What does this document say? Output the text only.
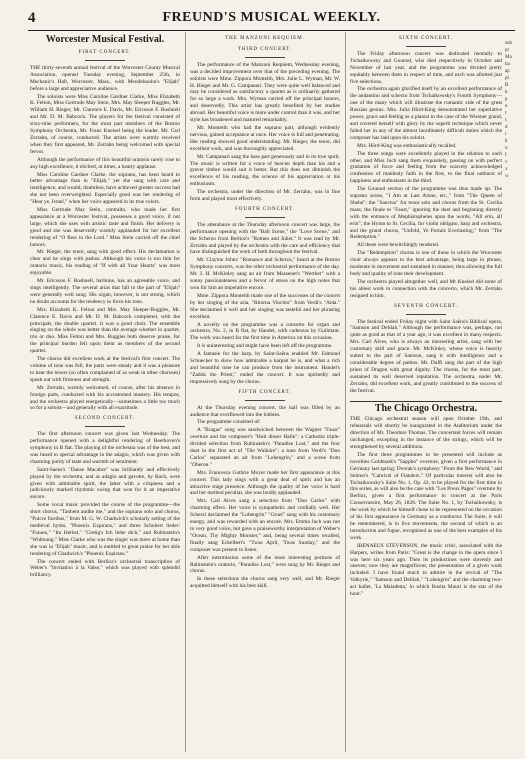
4	FREUND'S MUSICAL WEEKLY.
Worcester Musical Festival.
FIRST CONCERT.

THE thirty-seventh annual festival of the Worcester County Musical Association, opened Tuesday evening, September 25th, in Mechanic's Hall, Worcester, Mass., with Mendelssohn's "Elijah" before a large and appreciative audience.

The soloists were Miss Caroline Gardner Clarke, Miss Elizabeth K. Felton, Miss Gertrude May Stein, Mrs. May Sleeper Ruggles, Mr. William H. Rieger, Mr. Clarence E. Davis, Mr. Ericsson F. Bushnell and Mr. D. M. Babcock. The players for the festival consisted of sixty-nine performers, for the most part members of the Boston Symphony Orchestra, Mr. Franz Kneisel being the leader. Mr. Carl Zerrahn, of course, conducted. The artists were warmly received when they first appeared, Mr. Zerrahn being welcomed with special fervor.

Although the performance of this beautiful oratorio rarely rose to any high excellence, it elicited, at times, a hearty applause.

Miss Caroline Gardner Clarke, the soprano, has been heard to better advantage than in "Elijah," yet she sang with care and intelligence, and would, doubtless, have achieved greater success had she not been overweighted. Especially good was her rendering of "Hear ye, Israel," when her voice appeared in its true colors.

Miss Gertrude May Stein, contralto, who made her first appearance at a Worcester festival, possesses a good voice, if not large, which she uses with artistic taste and finish. Her delivery is good and she was deservedly warmly applauded for her excellent rendering of "O Rest in the Lord." Miss Stein carried off the chief honors.

Mr. Rieger, the tenor, sang with good effect. His declamation is clear and he sings with pathos. Although his voice is too thin for oratorio music, his reading of "If with all Your Hearts" was most enjoyable.

Mr. Ericsson F. Bushnell, baritone, has an agreeable voice, and sings intelligently. The several arias that fall to the part of "Elijah" were generally well sung. His organ, however, is not strong, which no doubt accounts for the tendency to force his tone.

Mrs. Elizabeth K. Felton and Mrs. May Sleeper-Ruggles, Mr. Clarence E. Davis and Mr. D. M. Babcock completed, with the principals, the double quartet. It was a good choir. The ensemble singing on the whole was better than the average whether in quartet, trio or duo. Miss Felton and Mrs. Ruggles both deserve praise, for the principal burden fell upon them as members of the second quartet.

The chorus did excellent work at the festival's first concert. The volume of tone was full, the parts were steady and it was a pleasure to hear the tenors (so often complained of as weak in other choruses) speak out with firmness and strength.

Mr. Zerrahn, warmly welcomed, of course, after his absence in foreign parts, conducted with his accustomed mastery. His tempos, and the orchestra played energetically—sometimes a little too much so for a soloist—and generally with all exactitude.

SECOND CONCERT.

The first afternoon concert was given last Wednesday. The performance opened with a delightful rendering of Beethoven's symphony in B flat. The playing of the orchestra was of the best, and was heard to special advantage in the adagio, which was given with charming purity of taste and warmth of sentiment.

Saint-Saens's "Danse Macabre" was brilliantly and effectively played by the orchestra, and as adagio and gavotte, by Bach, were given with admirable spirit, the latter with a crispness and a judiciously marked rhythmic swing that won for it an imperative encore.

Some vocal music provided the course of the programme—the short chorus, "Tanhem audite me," and the soprano solo and chorus, "Pulcre fioribus," from M. G. W. Chadwick's scholarly setting of the medieval hymn, "Phoenix Expirans," and three Schubert lieder: "Frauen," "Im Herbst," "Gretig's Ich liebe dich," and Rubinstein's "Widmung." Miss Clarke who was the singer was more at home than she was in "Elijah" music, and is entitled to great praise for her able rendering of Chadwick's "Phoenix Expirans."

The concert ended with Berlioz's orchestral transcription of Weber's "Invitation à la Valse," which was played with splendid brilliancy.

THE MANZONI REQUIEM.
THIRD CONCERT.

The performance of the Manzoni Requiem, Wednesday evening, was a decided improvement over that of the preceding evening. The soloists were Mme. Zippora Monteith, Mrs. Julie L. Wyman, Mr. W. H. Rieger and Mr. G. Campanari. They were quite well balanced and may be considered as satisfactory a quartet as is ordinarily gathered for so large a work. Mrs. Wyman carried off the principal honors, and deservedly. This artist has greatly benefited by her studies abroad. Her beautiful voice is more under control than it was, and her style has broadened and matured remarkably.

Mr. Monteith who had the soprano part, although evidently nervous, gained acceptance at once. Her voice is full and penetrating. Her reading showed good understanding. Mr. Rieger, the tenor, did excellent work, and was thoroughly appreciated.

Mr. Campanari sang the bass part generously and in its true spirit. The music is written for a voice of heavier depth than his and a graver timbre would suit it better. But this does not diminish the excellence of his reading, the science of his appreciation or his enthusiasm.

The orchestra, under the direction of Mr. Zerrahn, was in fine form and played most effectively.

FOURTH CONCERT.

The attendance at the Thursday afternoon concert was large, the performance opening with the "Ball Scene," the "Love Scene," and the Scherzo from Berlioz's "Romeo and Juliet." It was read by Mr. Zerrahn and played by the orchestra with the care and efficiency that have distinguished the work of both throughout the festival.

Mr. Clayton Johns' "Romance and Scherzo," heard at the Boston Symphony concerts, was the other orchestral performance of the day. Mr. J. H. McKinley sang an air from Massenet's "Werther" with a sunny passionateness and a fervor of stress on the high notes that won for him an imperative encore.

Mme. Zippora Monteith made one of the successes of the concert by her singing of the aria, "Ritorna Vincitor" from Verdi's "Aida." She declaimed it well and her singing was tasteful and her phrasing excellent.

A novelty on the programme was a concerto for organ and orchestra, No. 2, in B flat, by Handel, with cadenzas by Guilmant. The work was heard for the first time in America on this occasion.

It is uninteresting and might have been left off the programme.

A fantasie for the harp, by Saint-Saëns enabled Mr. Edmund Schuecker to show how admirable a harpist he is, and what a rich and beautiful tone he can produce from the instrument. Handel's "Zadok the Priest," ended the concert. It was spiritedly and impressively sung by the chorus.

FIFTH CONCERT.

At the Thursday evening concert, the hall was filled by an audience that overflowed into the lobbies.

The programme consisted of:

A "Bragas" song was sandwiched between the Wagner "Faust" overture and the composer's "Holt dieser Halle"; a Cathedra triple-divided selection from Rubinstein's "Paradise Lost," and the four duet in the first act of "Die Walküre"; a tune from Verdi's "Don Carlos" separated an air from "Lohengrin," and a scene from "Oberon."

Mrs. Francesca Guthrie Moyer made her first appearance at this concert. This lady sings with a great deal of spirit and has an attractive stage presence. Although the quality of her voice is hard and her method peculiar, she was loudly applauded.

Mrs. Carl Alves sang a selection from "Don Carlos" with charming effect. Her voice is sympathetic and cordially well. Her Scherzi declaimed the "Lohengrin" "Gruel" song with his customary energy, and was rewarded with an encore. Mrs. Emma Juch was not in very good voice, but gave a praiseworthy interpretation of Weber's "Ocean, Thy Mighty Monster," and, being several times recalled, finally sang Eckelbert's "Twas April, 'Twas Sunday," and the composer was present to listen.

After intermission some of the most interesting portions of Rubinstein's oratorio, "Paradise Lost," were sung by Mr. Rieger and chorus.

In these selections the chorus sang very well, and Mr. Rieger acquitted himself with his best skill.

SIXTH CONCERT.

The Friday afternoon concert was dedicated mentally to Tschaikowsky and Gounod, who died respectively in October and November of last year, and the programme was divided pretty equitably between them in respect of time, and each was allotted just five selections.

The orchestra again glorified itself by an excellent performance of the andantino and scherzo from Tschaikowsky's Fourth Symphony—one of the many which will illustrate the romantic side of the great Russian genius. Mrs. Julia Hörd-King demonstrated her superlative power, grace and feeling as a pianist in the case of the Wiesner grand, and covered herself with glory by the superb technique which never failed her in any of the almost inordinately difficult duties which the composer has laid upon his soloist.

Mrs. Hörd-King was enthusiastically recalled.

The three songs were excellently played in the relation to each other, and Miss Juch sang them exquisitely, passing on with perfect gradation of force and feeling from the scarcely acknowledged confession of maidenly faith in the first, to the final outburst of happiness and enthusiasm in the third.

The Gounod section of the programme was thus made up: The soprano scene, "I Am at Last Alone, etc.," from "The Queen of Sheba"; the "Sanctus" for tenor solo and chorus from the St. Cecilia mass; the finale to "Faust," ignoring the duet and beginning directly with the entrance of Mephistopheles upon the words, "All erin, all erin"; the Hymn to St. Cecilia, for violin obligato, harp and orchestra, and the grand chorus, "Unfold, Ye Portals Everlasting," from "The Redemption."

All these were bewitchingly rendered.

The "Redemption" chorus is one of those in which the Worcester choir always appears to the best advantage, being large in phrase, moderate in movement and sustained in manner, thus allowing the full body and quality of tone their development.

The orchestra played altogether well, and Mr Kneisel did some of his ablest work in connection with the concerto, which Mr. Zerrahn resigned to him.

SEVENTH CONCERT.

The festival ended Friday night with Saint Saëns's Biblical opera, "Samson and Delilah." Although the performance was, perhaps, not quite as good as that of a year ago, it was excellent in many respects. Mrs. Carl Alves, who is always an interesting artist, sang with her customary skill and grace. Mr. McKinley, whose voice is heavily suited to the part of Samson, sang it with intelligence and a considerable degree of pathos. Mr. Duffi sang the part of the high priest of Dragon with great dignity. The chorus, for the most part, sustained its well deserved reputation. The orchestra, under Mr. Zerrahn, did excellent work, and greatly contributed to the success of the festival.

The Chicago Orchestra.

THE Chicago orchestral season will open October 19th, and rehearsals will shortly be inaugurated in the Auditorium under the direction of Mr. Theodore Thomas. The concertant forces will remain unchanged, excepting in the instance of the strings, which will be strengthened by several additions.

The first three programmes to be presented will include as novelties Goldmark's "Sappho" overture, given a first performance in Germany last spring; Dvorak's symphony "From the New World," and Selmer's "Carnival of Flanders." Of particular interest will also be Tschaikowsky's Suite No. 1, Op. 43, to be played for the first time in this series, as will also be the case with "Les Preux Pages" overture by Berlioz, given a first performance in concert at the Paris Conservatoire, May 26, 1828. The Suite No. 1, by Tschaikowsky, is the work by which he himself chose to be represented on the occasion of his first appearance in Germany as a conductor. The Suite, it will be remembered, is in five movements, the second of which is an introduction and fugue, recognized as one of the best examples of his work.

IRENAEUS STEVENSON, the music critic, associated with the Harpers, writes from Paris: "Great is the change in the opera since I was here six years ago. Then its productions were slovenly and uneven; now they are magnificent, the presentation of a given work included. I have found much to admire in the revival of "The Valkyrie," "Samson and Delilah," "Lohengrin" and the charming two-act ballet, 'La Maladetta,' in which Rosita Mauri is the star of the hour."

sub
pr
Ma
ha
ap
pl
R
h
p
o
t
c
d
i
b
n
f
v
x
w
